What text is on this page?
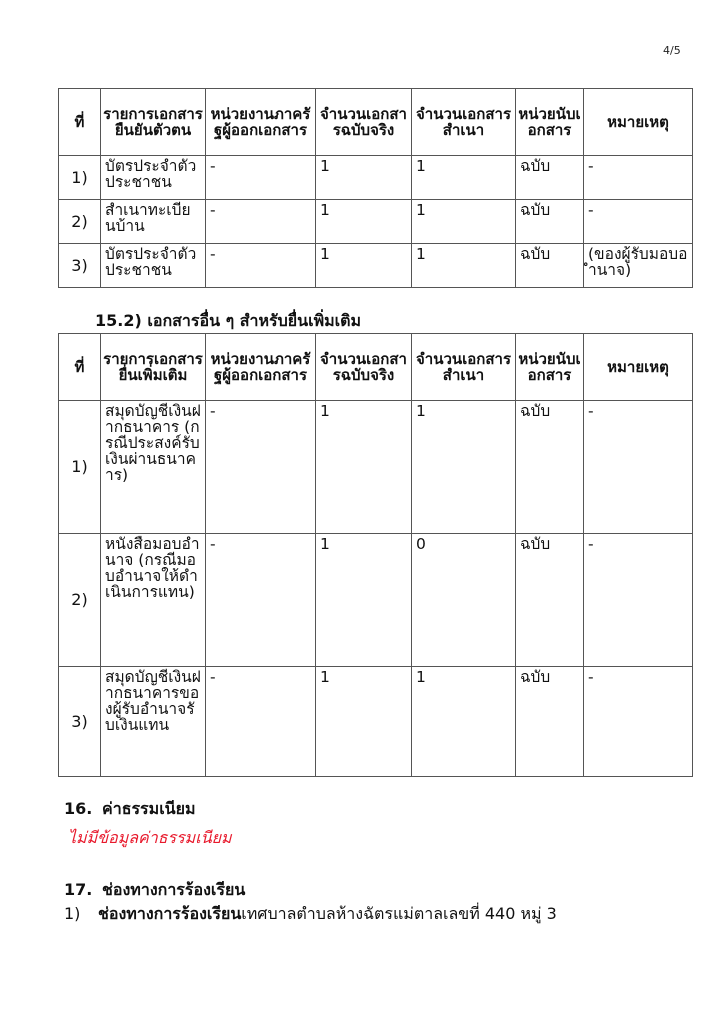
4/5
ที่	รายการเอกสารยืนยันตัวตน	หน่วยงานภาครัฐผู้ออกเอกสาร	จำนวนเอกสารฉบับจริง	จำนวนเอกสารสำเนา	หน่วยนับเอกสาร	หมายเหตุ
1)	บัตรประจำตัวประชาชน	-	1	1	ฉบับ	-
2)	สำเนาทะเบียนบ้าน	-	1	1	ฉบับ	-
3)	บัตรประจำตัวประชาชน	-	1	1	ฉบับ	(ของผู้รับมอบอำนาจ)
15.2) เอกสารอื่น ๆ สำหรับยื่นเพิ่มเติม
ที่	รายการเอกสารยื่นเพิ่มเติม	หน่วยงานภาครัฐผู้ออกเอกสาร	จำนวนเอกสารฉบับจริง	จำนวนเอกสารสำเนา	หน่วยนับเอกสาร	หมายเหตุ
1)	สมุดบัญชีเงินฝากธนาคาร (กรณีประสงค์รับเงินผ่านธนาคาร)	-	1	1	ฉบับ	-
2)	หนังสือมอบอำนาจ (กรณีมอบอำนาจให้ดำเนินการแทน)	-	1	0	ฉบับ	-
3)	สมุดบัญชีเงินฝากธนาคารของผู้รับอำนาจรับเงินแทน	-	1	1	ฉบับ	-
16. ค่าธรรมเนียม
ไม่มีข้อมูลค่าธรรมเนียม
17. ช่องทางการร้องเรียน
1) ช่องทางการร้องเรียนเทศบาลตำบลห้างฉัตรแม่ตาลเลขที่ 440 หมู่ 3
